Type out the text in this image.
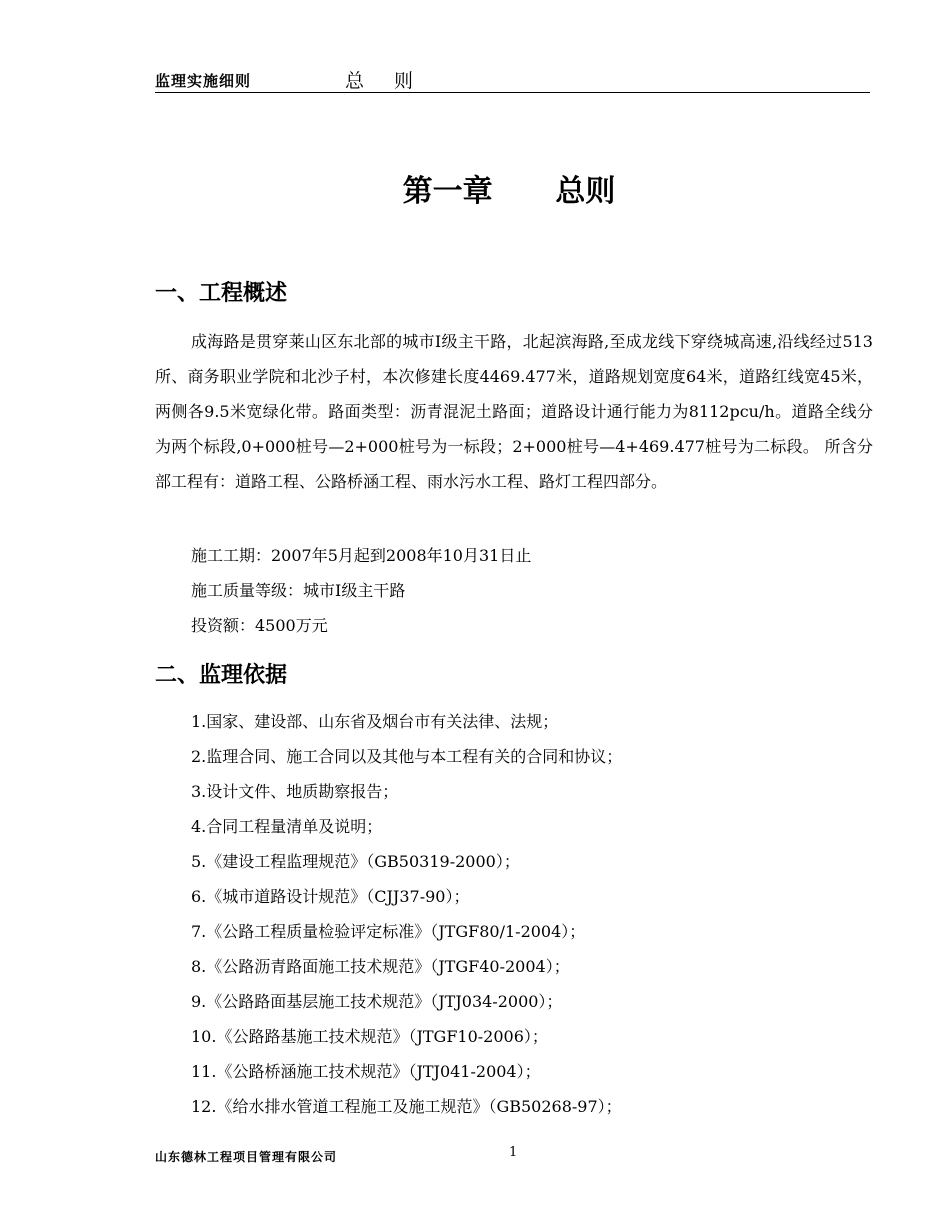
监理实施细则	总则
第一章      总则
一、工程概述
成海路是贯穿莱山区东北部的城市Ⅰ级主干路，北起滨海路,至成龙线下穿绕城高速,沿线经过513所、商务职业学院和北沙子村，本次修建长度4469.477米，道路规划宽度64米，道路红线宽45米，两侧各9.5米宽绿化带。路面类型：沥青混泥土路面；道路设计通行能力为8112pcu/h。道路全线分为两个标段,0+000桩号—2+000桩号为一标段；2+000桩号—4+469.477桩号为二标段。 所含分部工程有：道路工程、公路桥涵工程、雨水污水工程、路灯工程四部分。
施工工期：2007年5月起到2008年10月31日止
施工质量等级：城市Ⅰ级主干路
投资额：4500万元
二、监理依据
1.国家、建设部、山东省及烟台市有关法律、法规；
2.监理合同、施工合同以及其他与本工程有关的合同和协议；
3.设计文件、地质勘察报告；
4.合同工程量清单及说明；
5.《建设工程监理规范》（GB50319-2000）；
6.《城市道路设计规范》（CJJ37-90）；
7.《公路工程质量检验评定标准》（JTGF80/1-2004）；
8.《公路沥青路面施工技术规范》（JTGF40-2004）；
9.《公路路面基层施工技术规范》（JTJ034-2000）；
10.《公路路基施工技术规范》（JTGF10-2006）；
11.《公路桥涵施工技术规范》（JTJ041-2004）；
12.《给水排水管道工程施工及施工规范》（GB50268-97）；
山东德林工程项目管理有限公司	1
